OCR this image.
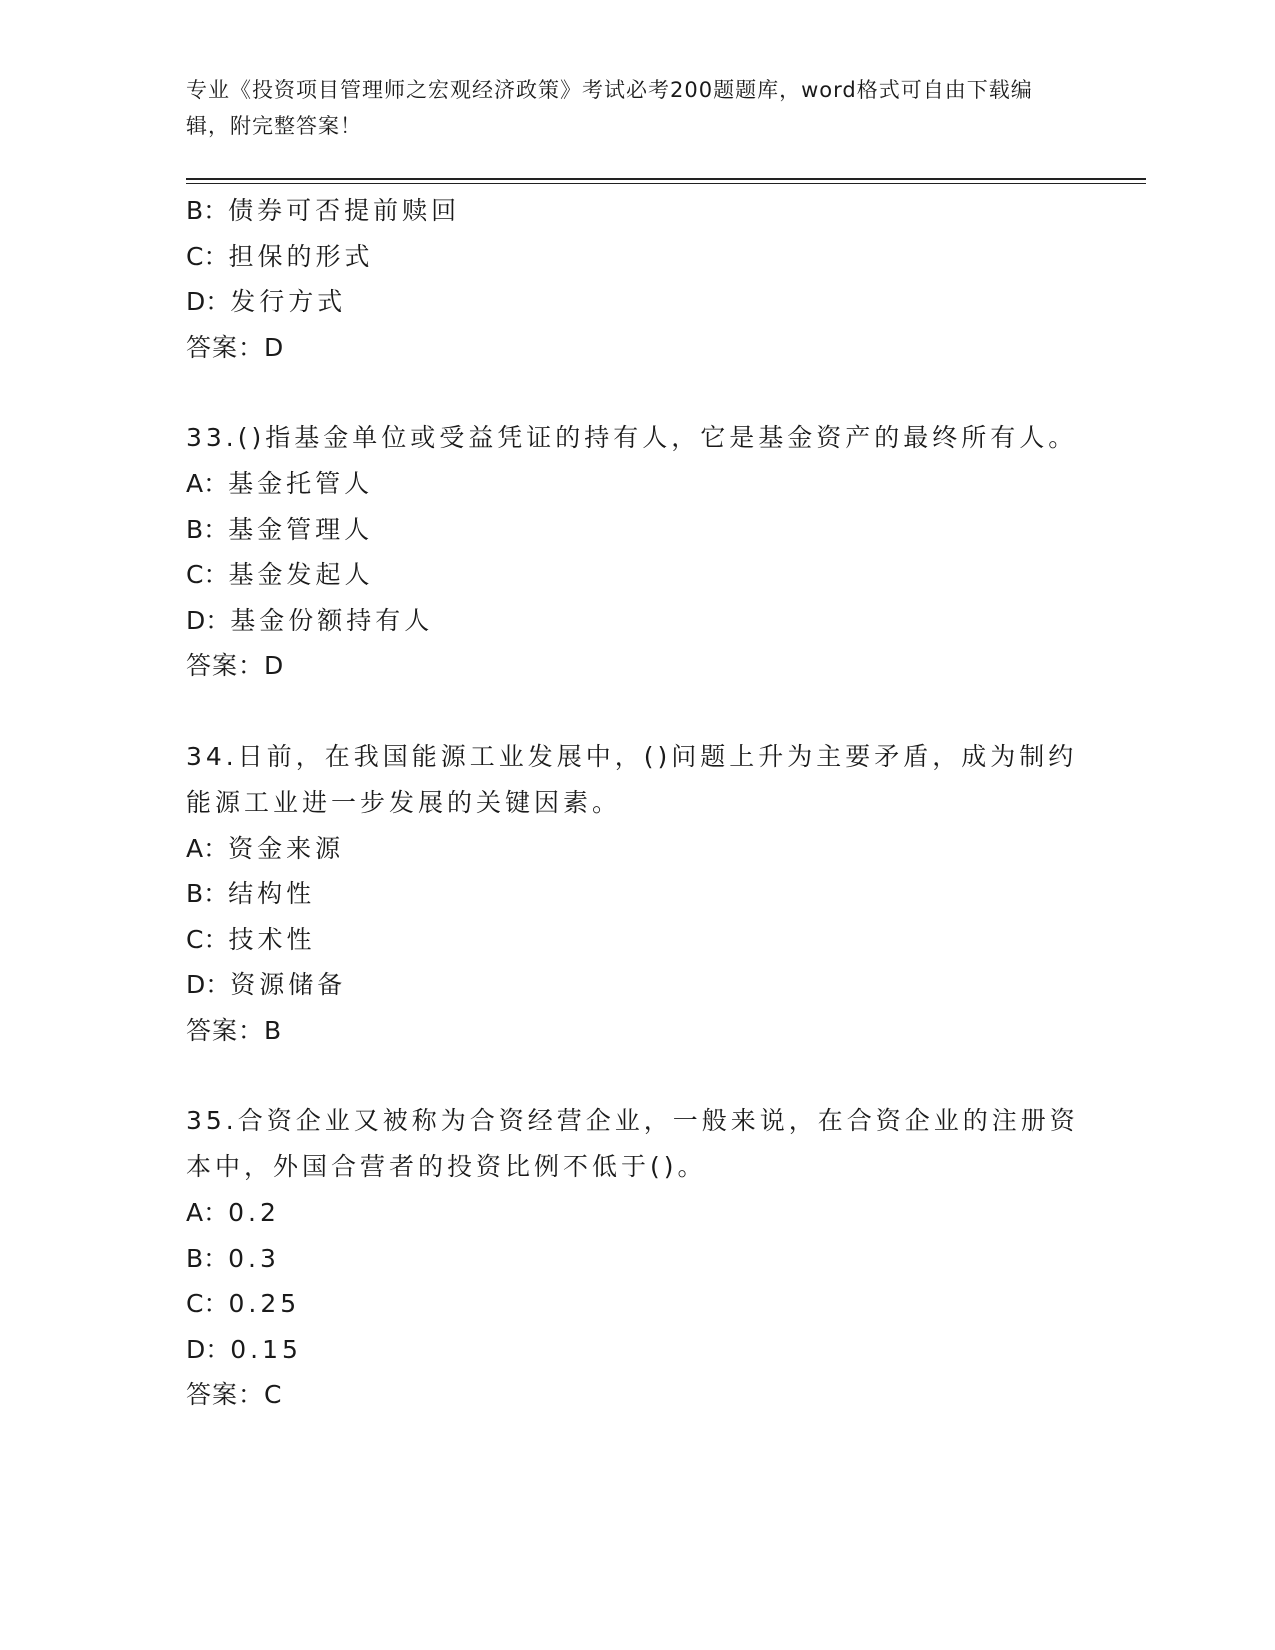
专业《投资项目管理师之宏观经济政策》考试必考200题题库，word格式可自由下载编辑，附完整答案！
B：债券可否提前赎回
C：担保的形式
D：发行方式
答案：D
33.()指基金单位或受益凭证的持有人，它是基金资产的最终所有人。
A：基金托管人
B：基金管理人
C：基金发起人
D：基金份额持有人
答案：D
34.日前，在我国能源工业发展中，()问题上升为主要矛盾，成为制约能源工业进一步发展的关键因素。
A：资金来源
B：结构性
C：技术性
D：资源储备
答案：B
35.合资企业又被称为合资经营企业，一般来说，在合资企业的注册资本中，外国合营者的投资比例不低于()。
A：0.2
B：0.3
C：0.25
D：0.15
答案：C
